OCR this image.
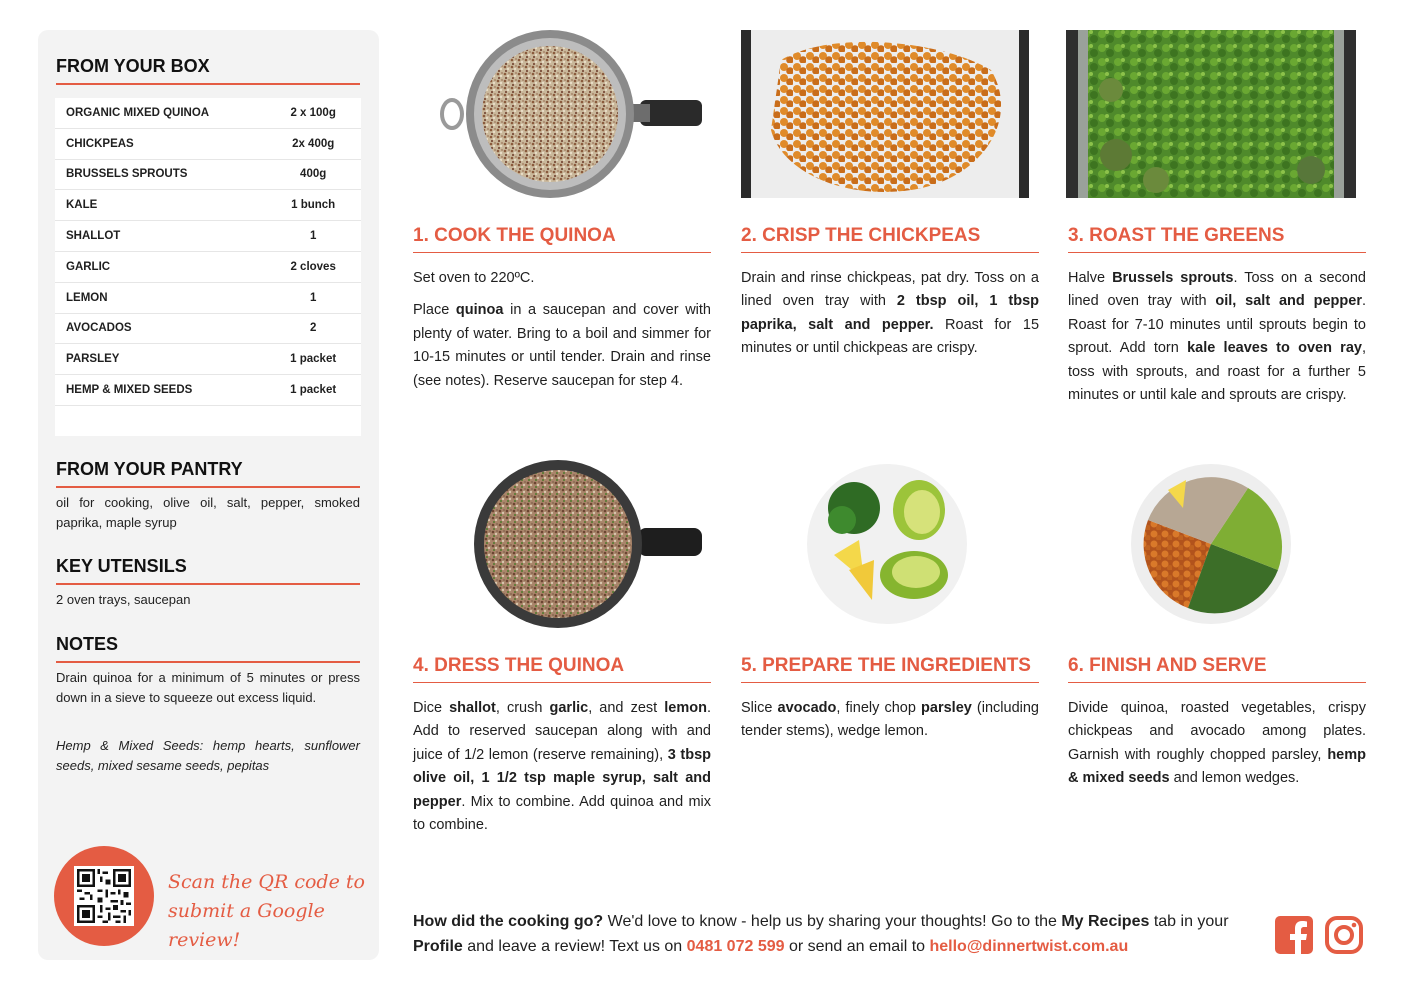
FROM YOUR BOX
ORGANIC MIXED QUINOA	2 x 100g
CHICKPEAS	2x 400g
BRUSSELS SPROUTS	400g
KALE	1 bunch
SHALLOT	1
GARLIC	2 cloves
LEMON	1
AVOCADOS	2
PARSLEY	1 packet
HEMP & MIXED SEEDS	1 packet
FROM YOUR PANTRY
oil for cooking, olive oil, salt, pepper, smoked paprika, maple syrup
KEY UTENSILS
2 oven trays, saucepan
NOTES
Drain quinoa for a minimum of 5 minutes or press down in a sieve to squeeze out excess liquid.
Hemp & Mixed Seeds: hemp hearts, sunflower seeds, mixed sesame seeds, pepitas
Scan the QR code to
submit a Google review!
1. COOK THE QUINOA	2. CRISP THE CHICKPEAS	3. ROAST THE GREENS
4. DRESS THE QUINOA	5. PREPARE THE INGREDIENTS	6. FINISH AND SERVE

Set oven to 220ºC.

Place quinoa in a saucepan and cover with plenty of water. Bring to a boil and simmer for 10-15 minutes or until tender. Drain and rinse (see notes). Reserve saucepan for step 4.

Drain and rinse chickpeas, pat dry. Toss on a lined oven tray with 2 tbsp oil, 1 tbsp paprika, salt and pepper. Roast for 15 minutes or until chickpeas are crispy.

Halve Brussels sprouts. Toss on a second lined oven tray with oil, salt and pepper. Roast for 7-10 minutes until sprouts begin to sprout. Add torn kale leaves to oven ray, toss with sprouts, and roast for a further 5 minutes or until kale and sprouts are crispy.

Dice shallot, crush garlic, and zest lemon. Add to reserved saucepan along with and juice of 1/2 lemon (reserve remaining), 3 tbsp olive oil, 1 1/2 tsp maple syrup, salt and pepper. Mix to combine. Add quinoa and mix to combine.

Slice avocado, finely chop parsley (including tender stems), wedge lemon.

Divide quinoa, roasted vegetables, crispy chickpeas and avocado among plates. Garnish with roughly chopped parsley, hemp & mixed seeds and lemon wedges.

How did the cooking go? We'd love to know - help us by sharing your thoughts! Go to the My Recipes tab in your Profile and leave a review! Text us on 0481 072 599 or send an email to hello@dinnertwist.com.au
